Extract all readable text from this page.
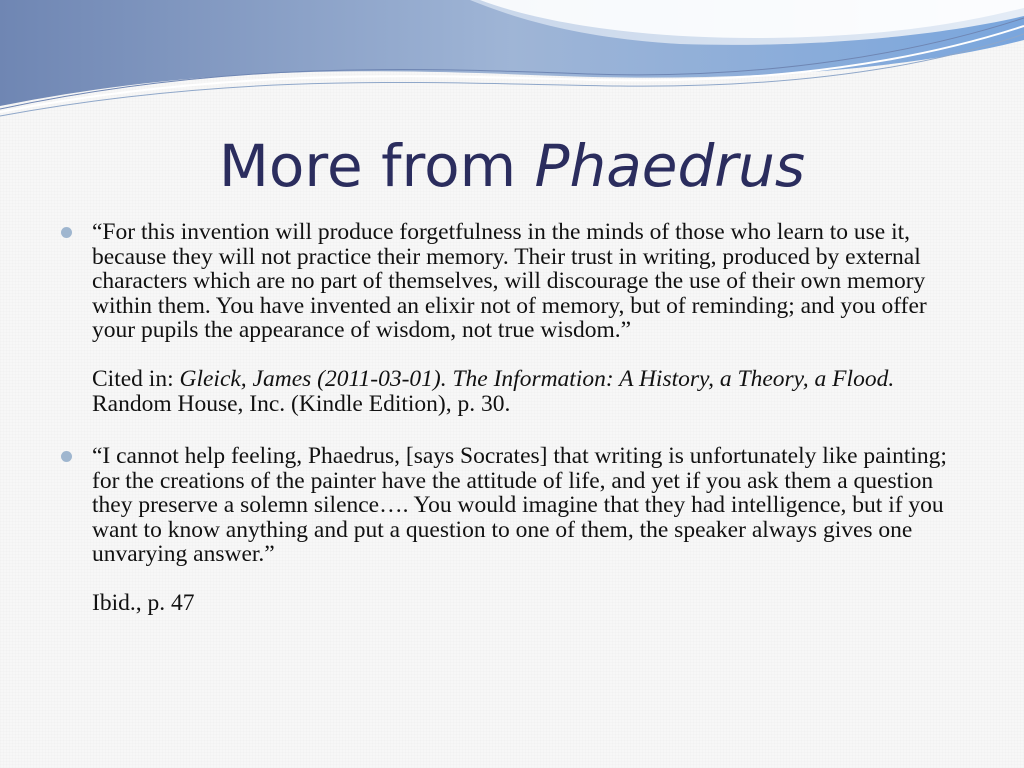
More from Phaedrus
“For this invention will produce forgetfulness in the minds of those who learn to use it, because they will not practice their memory. Their trust in writing, produced by external characters which are no part of themselves, will discourage the use of their own memory within them. You have invented an elixir not of memory, but of reminding; and you offer your pupils the appearance of wisdom, not true wisdom.”
Cited in: Gleick, James (2011-03-01). The Information: A History, a Theory, a Flood. Random House, Inc. (Kindle Edition), p. 30.
“I cannot help feeling, Phaedrus, [says Socrates] that writing is unfortunately like painting; for the creations of the painter have the attitude of life, and yet if you ask them a question they preserve a solemn silence…. You would imagine that they had intelligence, but if you want to know anything and put a question to one of them, the speaker always gives one unvarying answer.”
Ibid., p. 47
